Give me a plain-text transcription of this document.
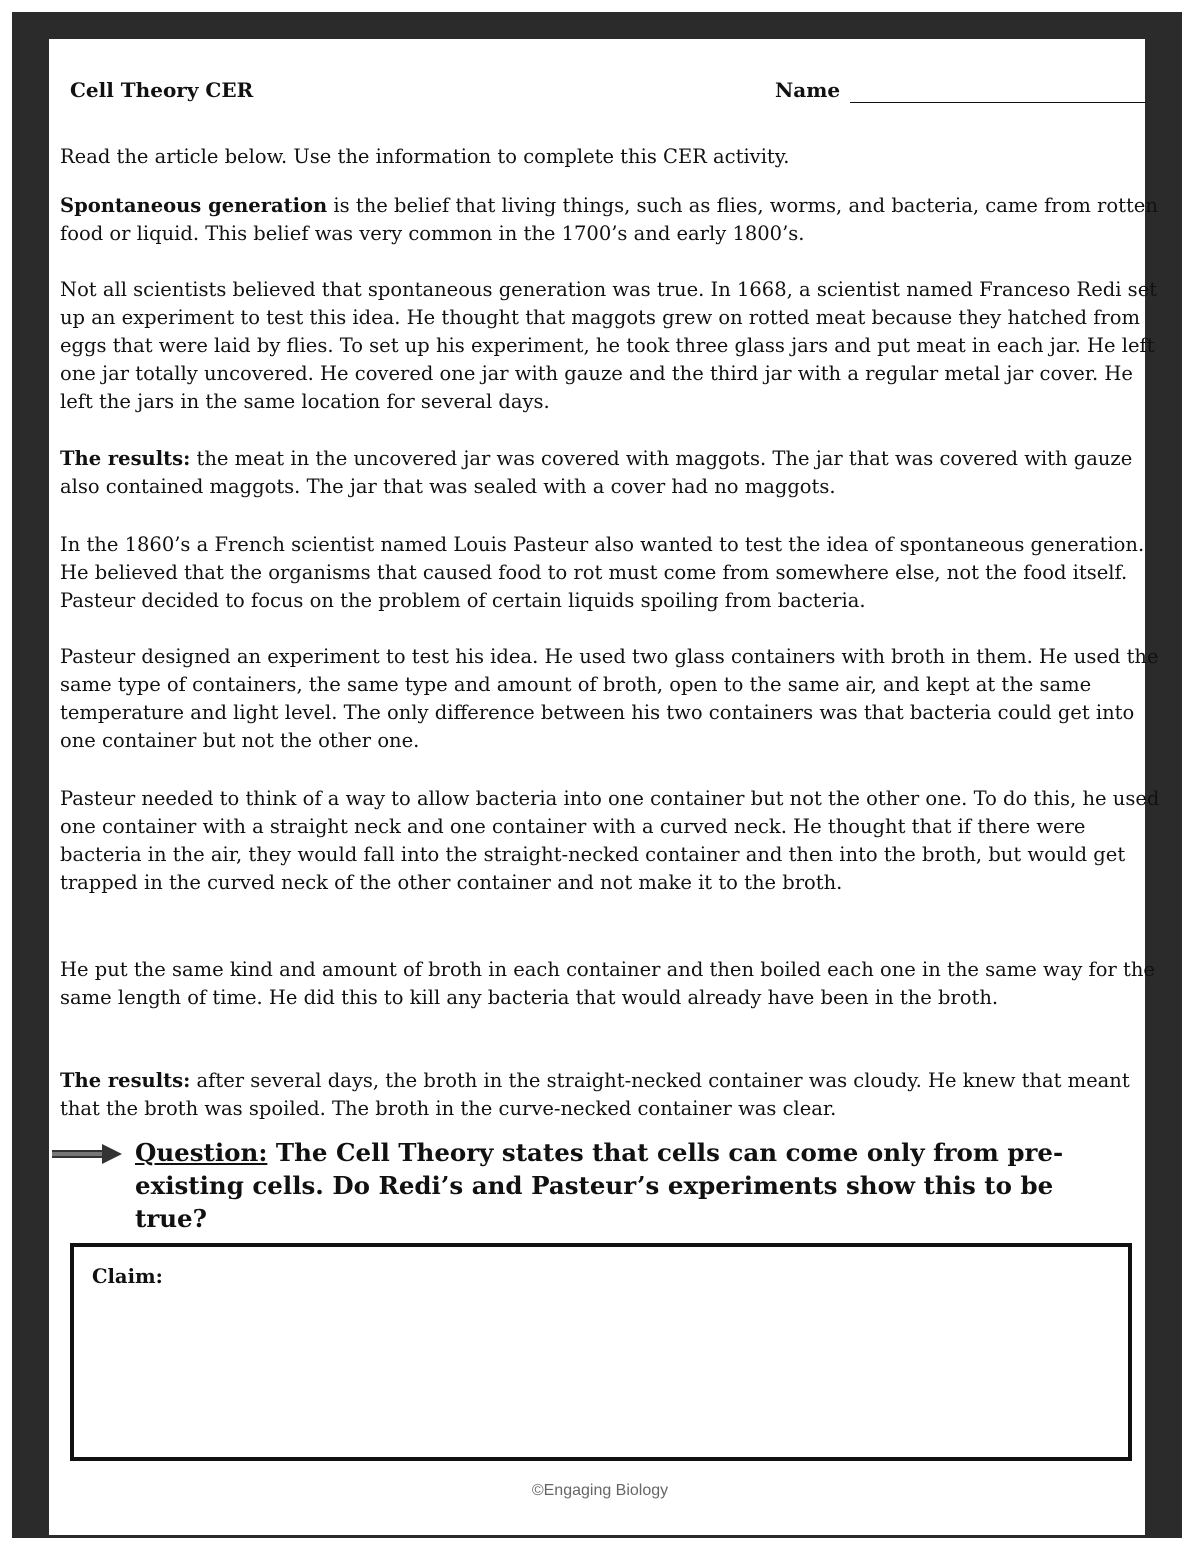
Cell Theory CER	Name

Read the article below. Use the information to complete this CER activity.

Spontaneous generation is the belief that living things, such as flies, worms, and bacteria, came from rotten food or liquid. This belief was very common in the 1700’s and early 1800’s.

Not all scientists believed that spontaneous generation was true. In 1668, a scientist named Franceso Redi set up an experiment to test this idea. He thought that maggots grew on rotted meat because they hatched from eggs that were laid by flies. To set up his experiment, he took three glass jars and put meat in each jar. He left one jar totally uncovered. He covered one jar with gauze and the third jar with a regular metal jar cover. He left the jars in the same location for several days.

The results: the meat in the uncovered jar was covered with maggots. The jar that was covered with gauze also contained maggots. The jar that was sealed with a cover had no maggots.

In the 1860’s a French scientist named Louis Pasteur also wanted to test the idea of spontaneous generation. He believed that the organisms that caused food to rot must come from somewhere else, not the food itself. Pasteur decided to focus on the problem of certain liquids spoiling from bacteria.

Pasteur designed an experiment to test his idea. He used two glass containers with broth in them. He used the same type of containers, the same type and amount of broth, open to the same air, and kept at the same temperature and light level. The only difference between his two containers was that bacteria could get into one container but not the other one.

Pasteur needed to think of a way to allow bacteria into one container but not the other one. To do this, he used one container with a straight neck and one container with a curved neck. He thought that if there were bacteria in the air, they would fall into the straight-necked container and then into the broth, but would get trapped in the curved neck of the other container and not make it to the broth.

He put the same kind and amount of broth in each container and then boiled each one in the same way for the same length of time. He did this to kill any bacteria that would already have been in the broth.

The results: after several days, the broth in the straight-necked container was cloudy. He knew that meant that the broth was spoiled. The broth in the curve-necked container was clear.

Question: The Cell Theory states that cells can come only from pre-existing cells. Do Redi’s and Pasteur’s experiments show this to be true?

Claim:
©Engaging Biology
